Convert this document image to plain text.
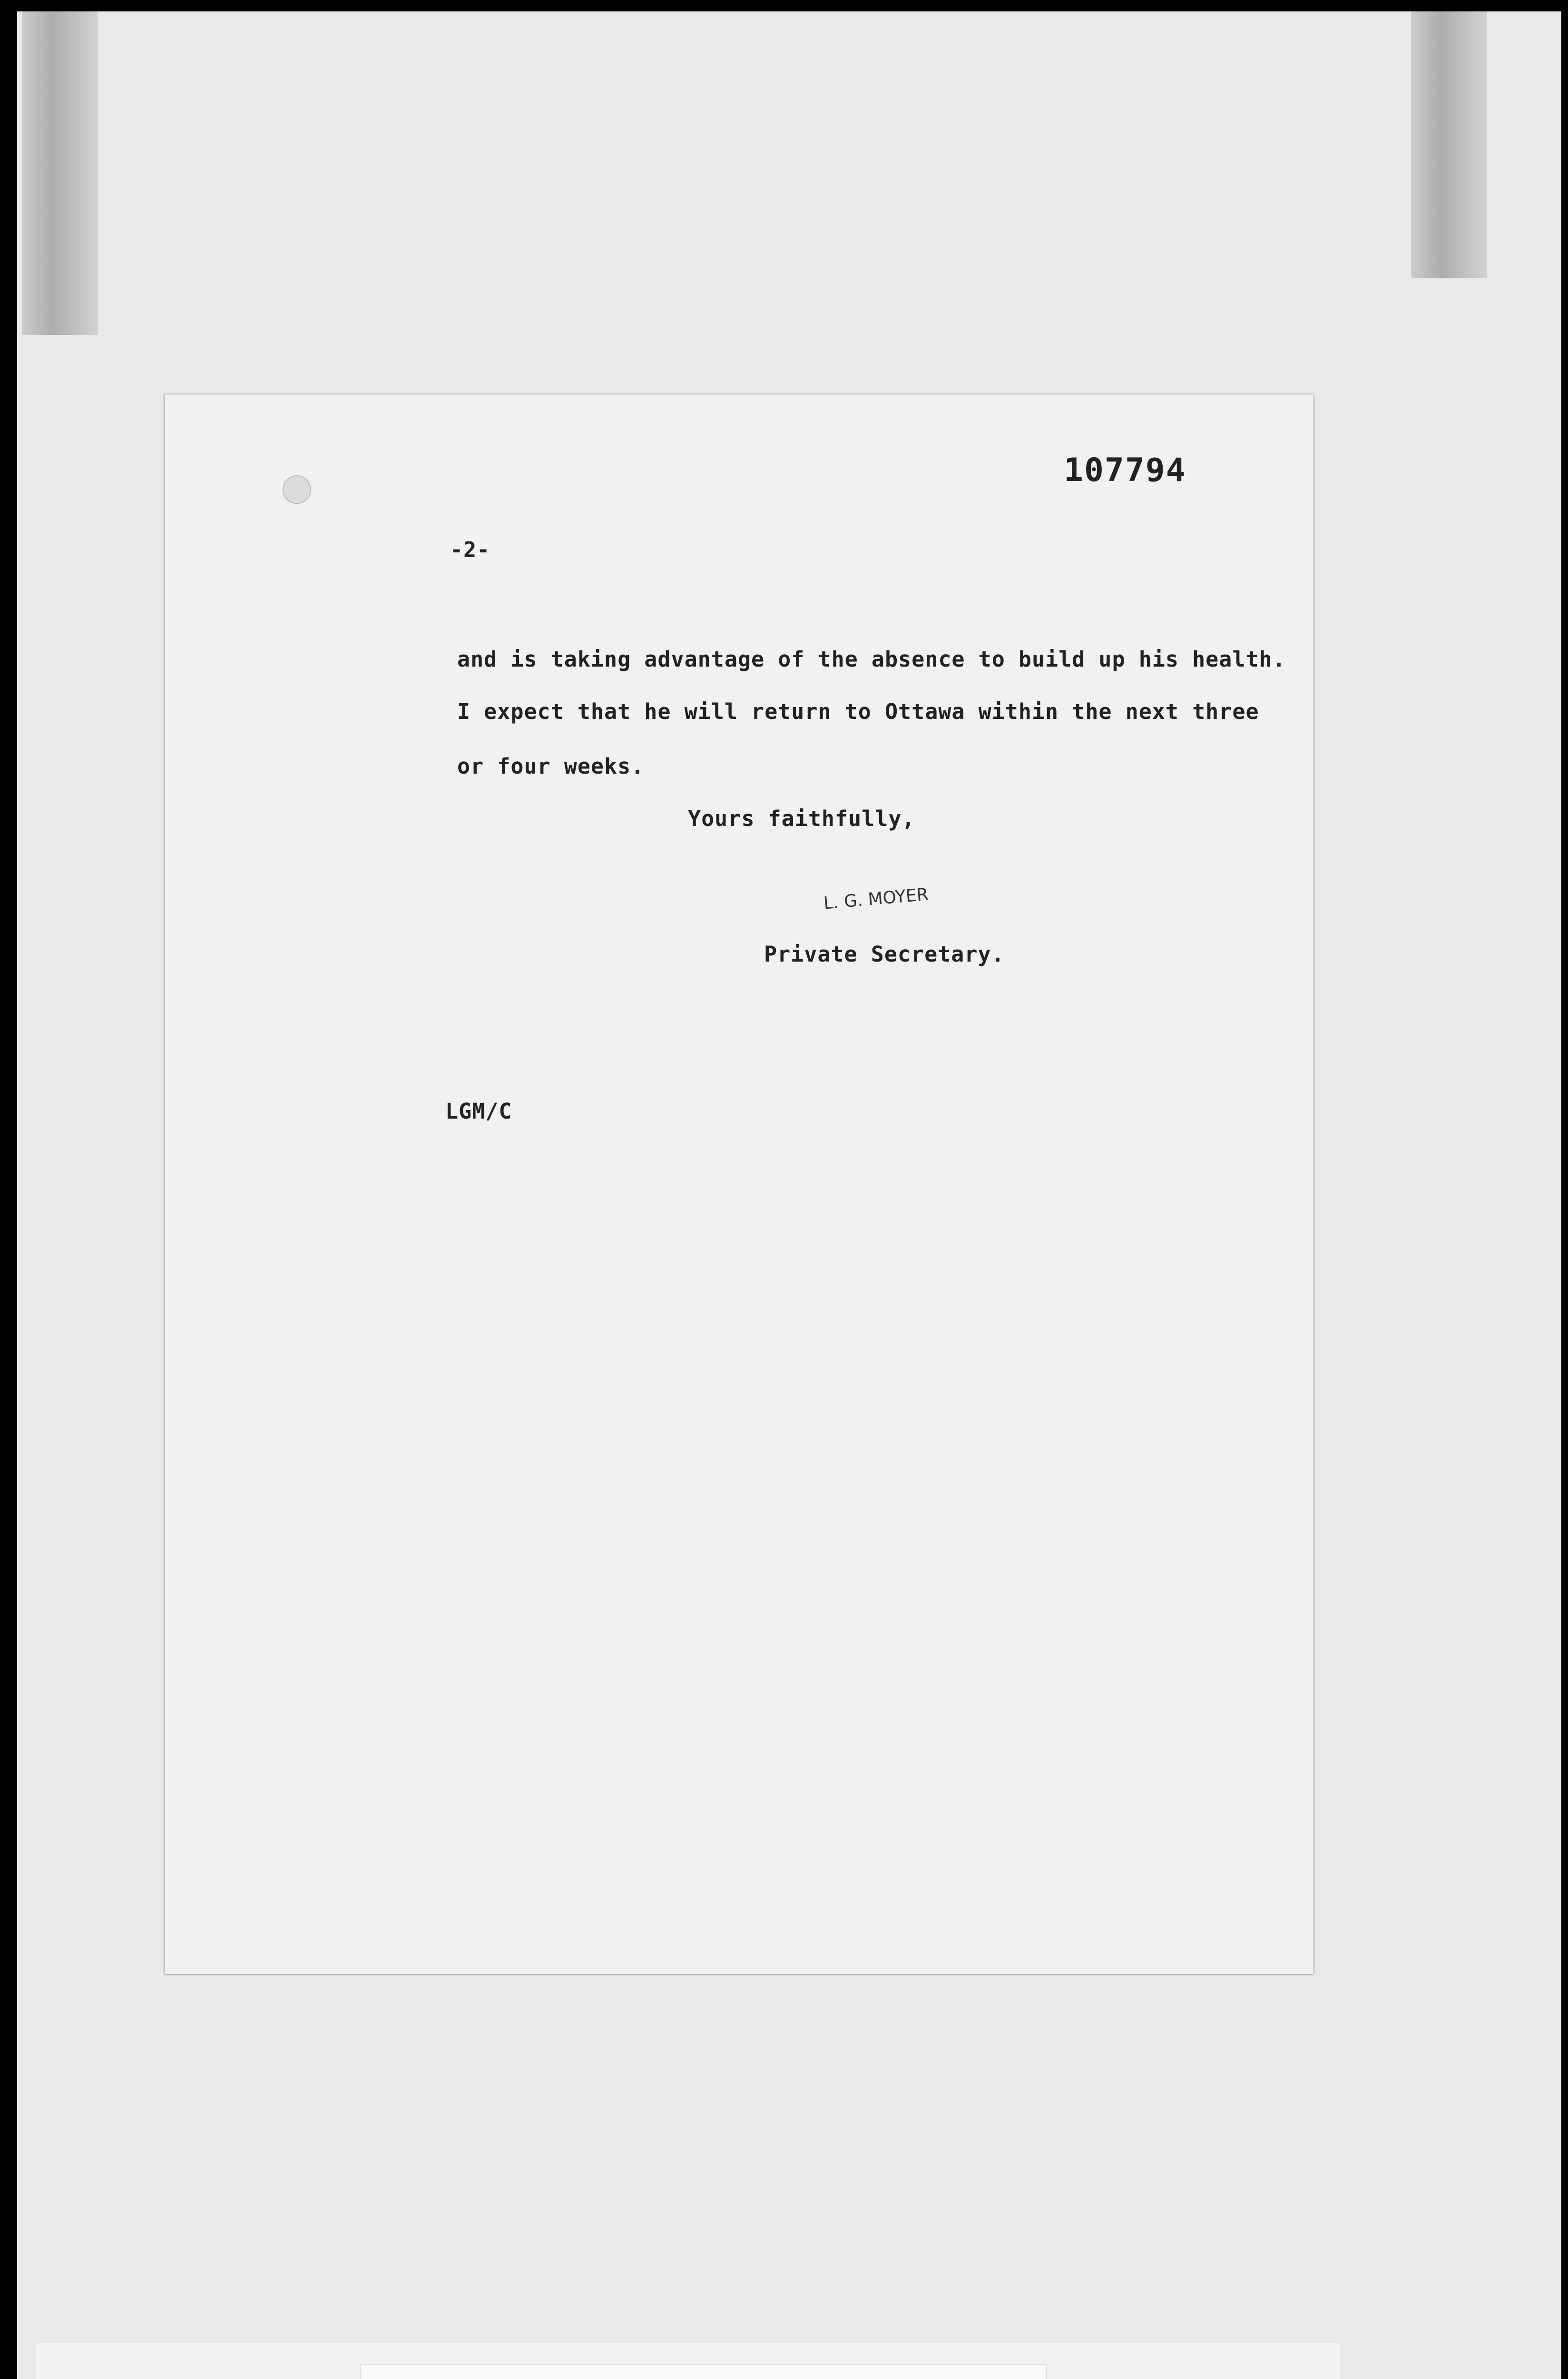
107794
-2-
and is taking advantage of the absence to build up his health.
I expect that he will return to Ottawa within the next three
or four weeks.
Yours faithfully,
L. G. MOYER
Private Secretary.
LGM/C
